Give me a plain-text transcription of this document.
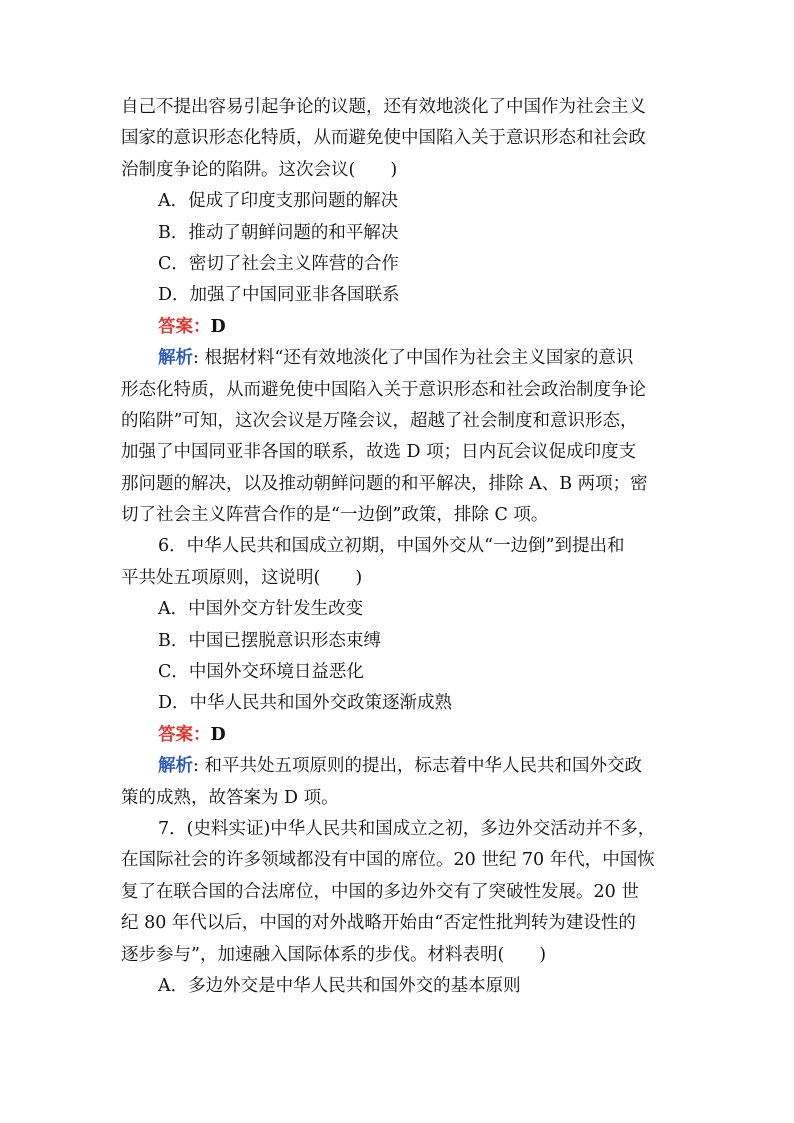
自己不提出容易引起争论的议题，还有效地淡化了中国作为社会主义
国家的意识形态化特质，从而避免使中国陷入关于意识形态和社会政
治制度争论的陷阱。这次会议(　　)
A．促成了印度支那问题的解决
B．推动了朝鲜问题的和平解决
C．密切了社会主义阵营的合作
D．加强了中国同亚非各国联系
答案：D
解析: 根据材料“还有效地淡化了中国作为社会主义国家的意识
形态化特质，从而避免使中国陷入关于意识形态和社会政治制度争论
的陷阱”可知，这次会议是万隆会议，超越了社会制度和意识形态，
加强了中国同亚非各国的联系，故选 D 项；日内瓦会议促成印度支
那问题的解决，以及推动朝鲜问题的和平解决，排除 A、B 两项；密
切了社会主义阵营合作的是“一边倒”政策，排除 C 项。
6．中华人民共和国成立初期，中国外交从“一边倒”到提出和
平共处五项原则，这说明(　　)
A．中国外交方针发生改变
B．中国已摆脱意识形态束缚
C．中国外交环境日益恶化
D．中华人民共和国外交政策逐渐成熟
答案：D
解析: 和平共处五项原则的提出，标志着中华人民共和国外交政
策的成熟，故答案为 D 项。
7．(史料实证)中华人民共和国成立之初，多边外交活动并不多，
在国际社会的许多领域都没有中国的席位。20 世纪 70 年代，中国恢
复了在联合国的合法席位，中国的多边外交有了突破性发展。20 世
纪 80 年代以后，中国的对外战略开始由“否定性批判转为建设性的
逐步参与”，加速融入国际体系的步伐。材料表明(　　)
A．多边外交是中华人民共和国外交的基本原则
